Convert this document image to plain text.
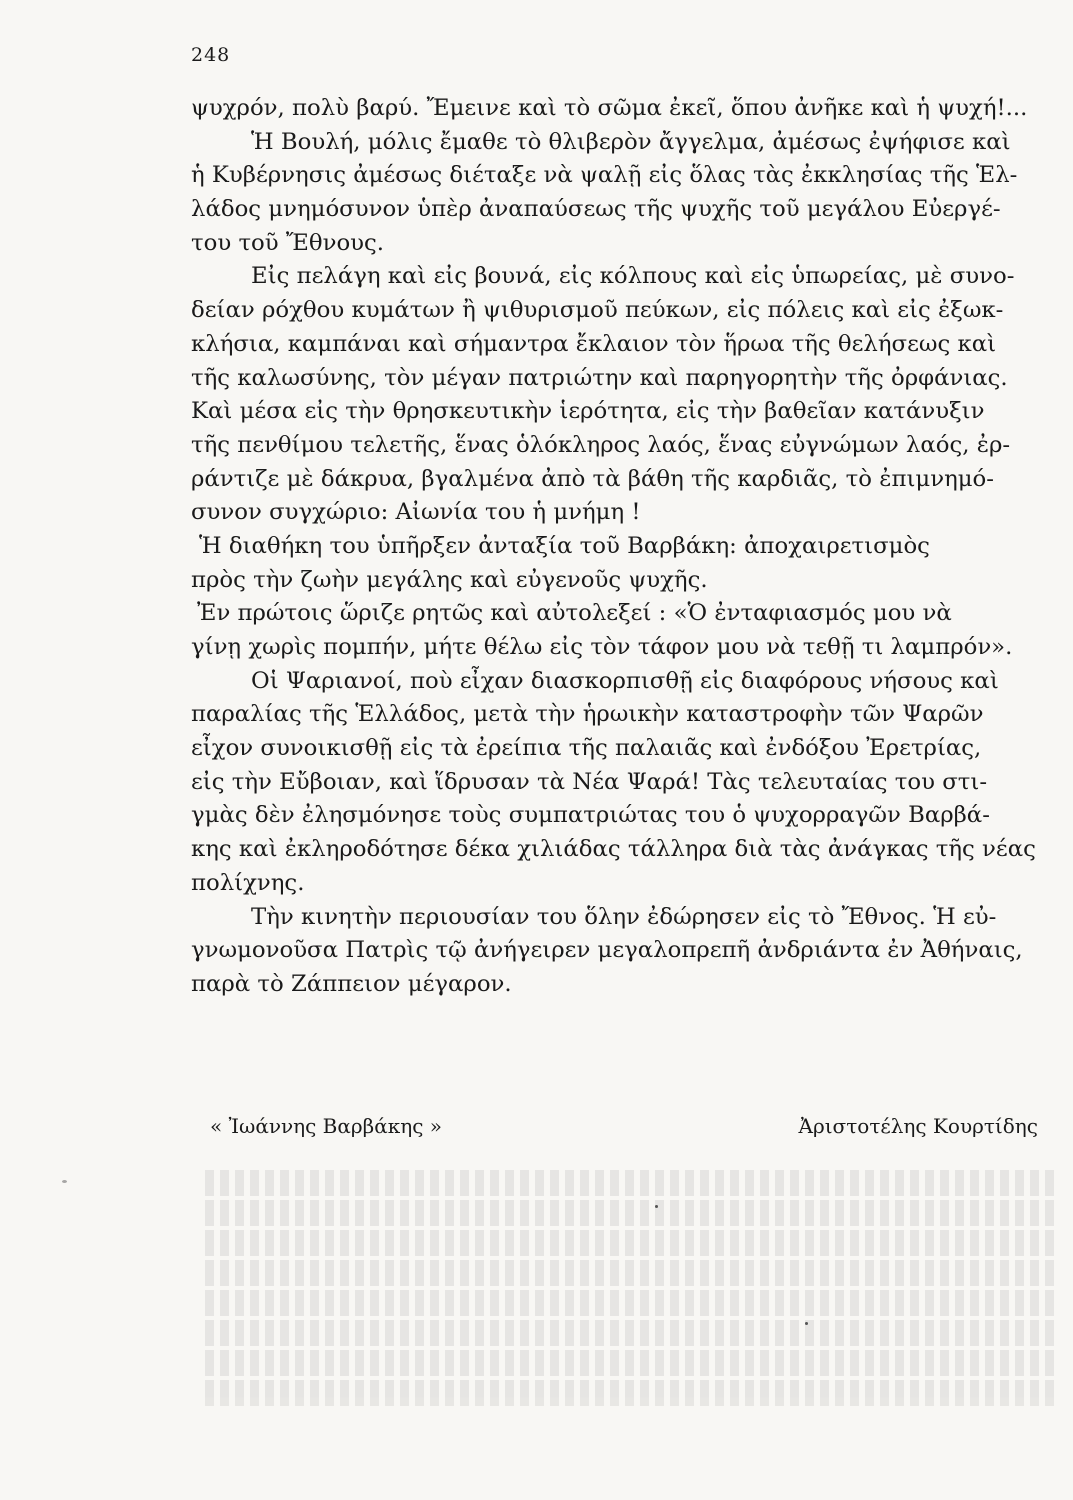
248
ψυχρόν, πολὺ βαρύ. Ἔμεινε καὶ τὸ σῶμα ἐκεῖ, ὅπου ἀνῆκε καὶ ἡ ψυχή!...
Ἡ Βουλή, μόλις ἔμαθε τὸ θλιβερὸν ἄγγελμα, ἀμέσως ἐψήφισε καὶ
ἡ Κυβέρνησις ἀμέσως διέταξε νὰ ψαλῇ εἰς ὅλας τὰς ἐκκλησίας τῆς Ἑλ-
λάδος μνημόσυνον ὑπὲρ ἀναπαύσεως τῆς ψυχῆς τοῦ μεγάλου Εὐεργέ-
του τοῦ Ἔθνους.
Εἰς πελάγη καὶ εἰς βουνά, εἰς κόλπους καὶ εἰς ὑπωρείας, μὲ συνο-
δείαν ρόχθου κυμάτων ἢ ψιθυρισμοῦ πεύκων, εἰς πόλεις καὶ εἰς ἐξωκ-
κλήσια, καμπάναι καὶ σήμαντρα ἔκλαιον τὸν ἥρωα τῆς θελήσεως καὶ
τῆς καλωσύνης, τὸν μέγαν πατριώτην καὶ παρηγορητὴν τῆς ὀρφάνιας.
Καὶ μέσα εἰς τὴν θρησκευτικὴν ἱερότητα, εἰς τὴν βαθεῖαν κατάνυξιν
τῆς πενθίμου τελετῆς, ἕνας ὁλόκληρος λαός, ἕνας εὐγνώμων λαός, ἐρ-
ράντιζε μὲ δάκρυα, βγαλμένα ἀπὸ τὰ βάθη τῆς καρδιᾶς, τὸ ἐπιμνημό-
συνον συγχώριο: Αἰωνία του ἡ μνήμη !
Ἡ διαθήκη του ὑπῆρξεν ἀνταξία τοῦ Βαρβάκη: ἀποχαιρετισμὸς
πρὸς τὴν ζωὴν μεγάλης καὶ εὐγενοῦς ψυχῆς.
Ἐν πρώτοις ὥριζε ρητῶς καὶ αὐτολεξεί : «Ὁ ἐνταφιασμός μου νὰ
γίνῃ χωρὶς πομπήν, μήτε θέλω εἰς τὸν τάφον μου νὰ τεθῇ τι λαμπρόν».
Οἱ Ψαριανοί, ποὺ εἶχαν διασκορπισθῇ εἰς διαφόρους νήσους καὶ
παραλίας τῆς Ἑλλάδος, μετὰ τὴν ἡρωικὴν καταστροφὴν τῶν Ψαρῶν
εἶχον συνοικισθῇ εἰς τὰ ἐρείπια τῆς παλαιᾶς καὶ ἐνδόξου Ἐρετρίας,
εἰς τὴν Εὔβοιαν, καὶ ἵδρυσαν τὰ Νέα Ψαρά! Τὰς τελευταίας του στι-
γμὰς δὲν ἐλησμόνησε τοὺς συμπατριώτας του ὁ ψυχορραγῶν Βαρβά-
κης καὶ ἐκληροδότησε δέκα χιλιάδας τάλληρα διὰ τὰς ἀνάγκας τῆς νέας
πολίχνης.
Τὴν κινητὴν περιουσίαν του ὅλην ἐδώρησεν εἰς τὸ Ἔθνος. Ἡ εὐ-
γνωμονοῦσα Πατρὶς τῷ ἀνήγειρεν μεγαλοπρεπῆ ἀνδριάντα ἐν Ἀθήναις,
παρὰ τὸ Ζάππειον μέγαρον.
« Ἰωάννης Βαρβάκης »	Ἀριστοτέλης Κουρτίδης
